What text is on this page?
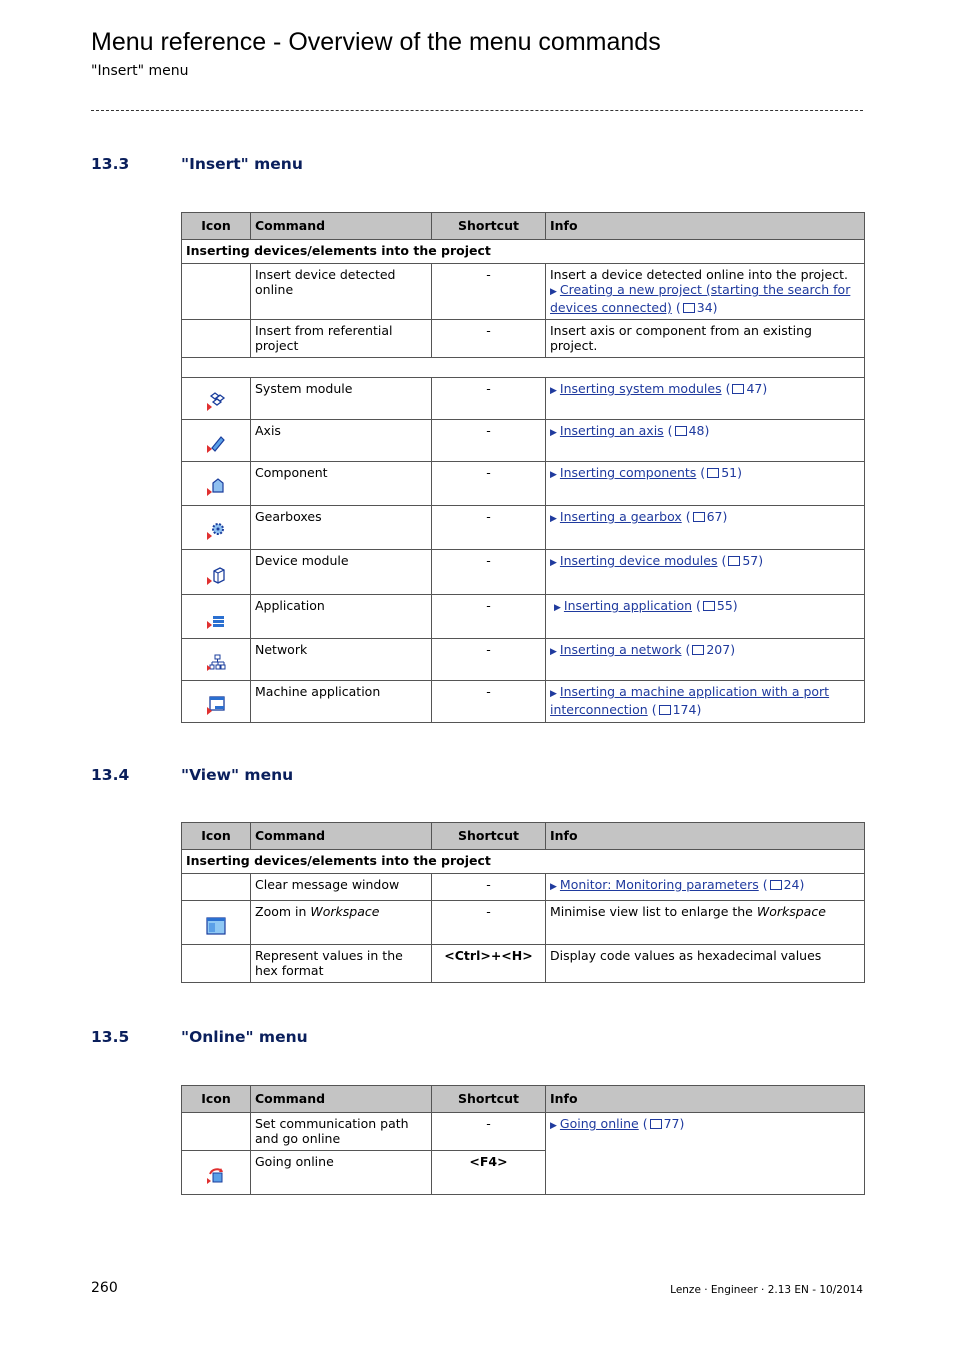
Menu reference - Overview of the menu commands
"Insert" menu
13.3	"Insert" menu
Icon	Command	Shortcut	Info
Inserting devices/elements into the project			
	Insert device detected online	-	Insert a device detected online into the project.
▶ Creating a new project (starting the search for devices connected) ( 34)
	Insert from referential project	-	Insert axis or component from an existing project.

	System module	-	▶ Inserting system modules ( 47)
	Axis	-	▶ Inserting an axis ( 48)
	Component	-	▶ Inserting components ( 51)
	Gearboxes	-	▶ Inserting a gearbox ( 67)
	Device module	-	▶ Inserting device modules ( 57)
	Application	-	▶ Inserting application ( 55)
	Network	-	▶ Inserting a network ( 207)
	Machine application	-	▶ Inserting a machine application with a port interconnection ( 174)
13.4	"View" menu
Icon	Command	Shortcut	Info
Inserting devices/elements into the project			
	Clear message window	-	▶ Monitor: Monitoring parameters ( 24)
	Zoom in Workspace	-	Minimise view list to enlarge the Workspace
	Represent values in the hex format	<Ctrl>+<H>	Display code values as hexadecimal values
13.5	"Online" menu
Icon	Command	Shortcut	Info
	Set communication path and go online	-	▶ Going online ( 77)
	Going online	<F4>	
260	Lenze · Engineer · 2.13 EN - 10/2014
